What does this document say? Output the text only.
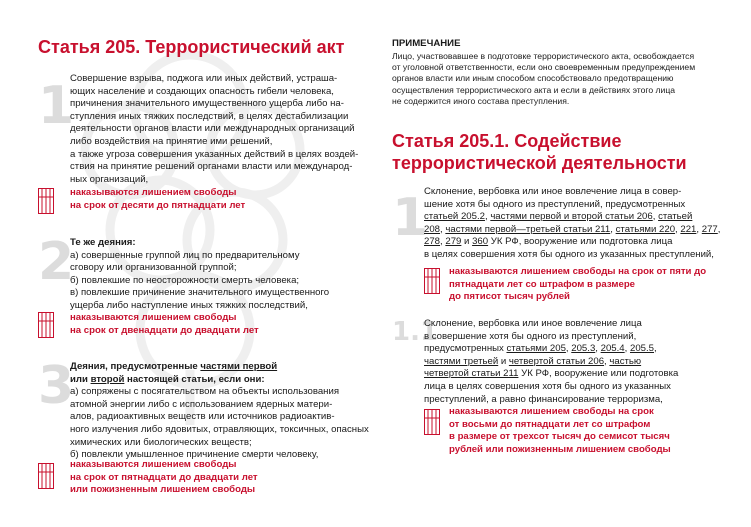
Статья 205. Террористический акт
1
Совершение взрыва, поджога или иных действий, устраша-
ющих население и создающих опасность гибели человека,
причинения значительного имущественного ущерба либо на-
ступления иных тяжких последствий, в целях дестабилизации
деятельности органов власти или международных организаций
либо воздействия на принятие ими решений,
а также угроза совершения указанных действий в целях воздей-
ствия на принятие решений органами власти или международ-
ных организаций,
наказываются лишением свободы
на срок от десяти до пятнадцати лет
2
Те же деяния:
а) совершенные группой лиц по предварительному
сговору или организованной группой;
б) повлекшие по неосторожности смерть человека;
в) повлекшие причинение значительного имущественного
ущерба либо наступление иных тяжких последствий,
наказываются лишением свободы
на срок от двенадцати до двадцати лет
3
Деяния, предусмотренные частями первой
или второй настоящей статьи, если они:
а) сопряжены с посягательством на объекты использования
атомной энергии либо с использованием ядерных матери-
алов, радиоактивных веществ или источников радиоактив-
ного излучения либо ядовитых, отравляющих, токсичных, опасных
химических или биологических веществ;
б) повлекли умышленное причинение смерти человеку,
наказываются лишением свободы
на срок от пятнадцати до двадцати лет
или пожизненным лишением свободы
ПРИМЕЧАНИЕ
Лицо, участвовавшее в подготовке террористического акта, освобождается
от уголовной ответственности, если оно своевременным предупреждением
органов власти или иным способом способствовало предотвращению
осуществления террористического акта и если в действиях этого лица
не содержится иного состава преступления.
Статья 205.1. Содействие
террористической деятельности
1
Склонение, вербовка или иное вовлечение лица в совер-
шение хотя бы одного из преступлений, предусмотренных
статьей 205.2, частями первой и второй статьи 206, статьей
208, частями первой—третьей статьи 211, статьями 220, 221, 277,
278, 279 и 360 УК РФ, вооружение или подготовка лица
в целях совершения хотя бы одного из указанных преступлений,
наказываются лишением свободы на срок от пяти до
пятнадцати лет со штрафом в размере
до пятисот тысяч рублей
1.1
Склонение, вербовка или иное вовлечение лица
в совершение хотя бы одного из преступлений,
предусмотренных статьями 205, 205.3, 205.4, 205.5,
частями третьей и четвертой статьи 206, частью
четвертой статьи 211 УК РФ, вооружение или подготовка
лица в целях совершения хотя бы одного из указанных
преступлений, а равно финансирование терроризма,
наказываются лишением свободы на срок
от восьми до пятнадцати лет со штрафом
в размере от трехсот тысяч до семисот тысяч
рублей или пожизненным лишением свободы
